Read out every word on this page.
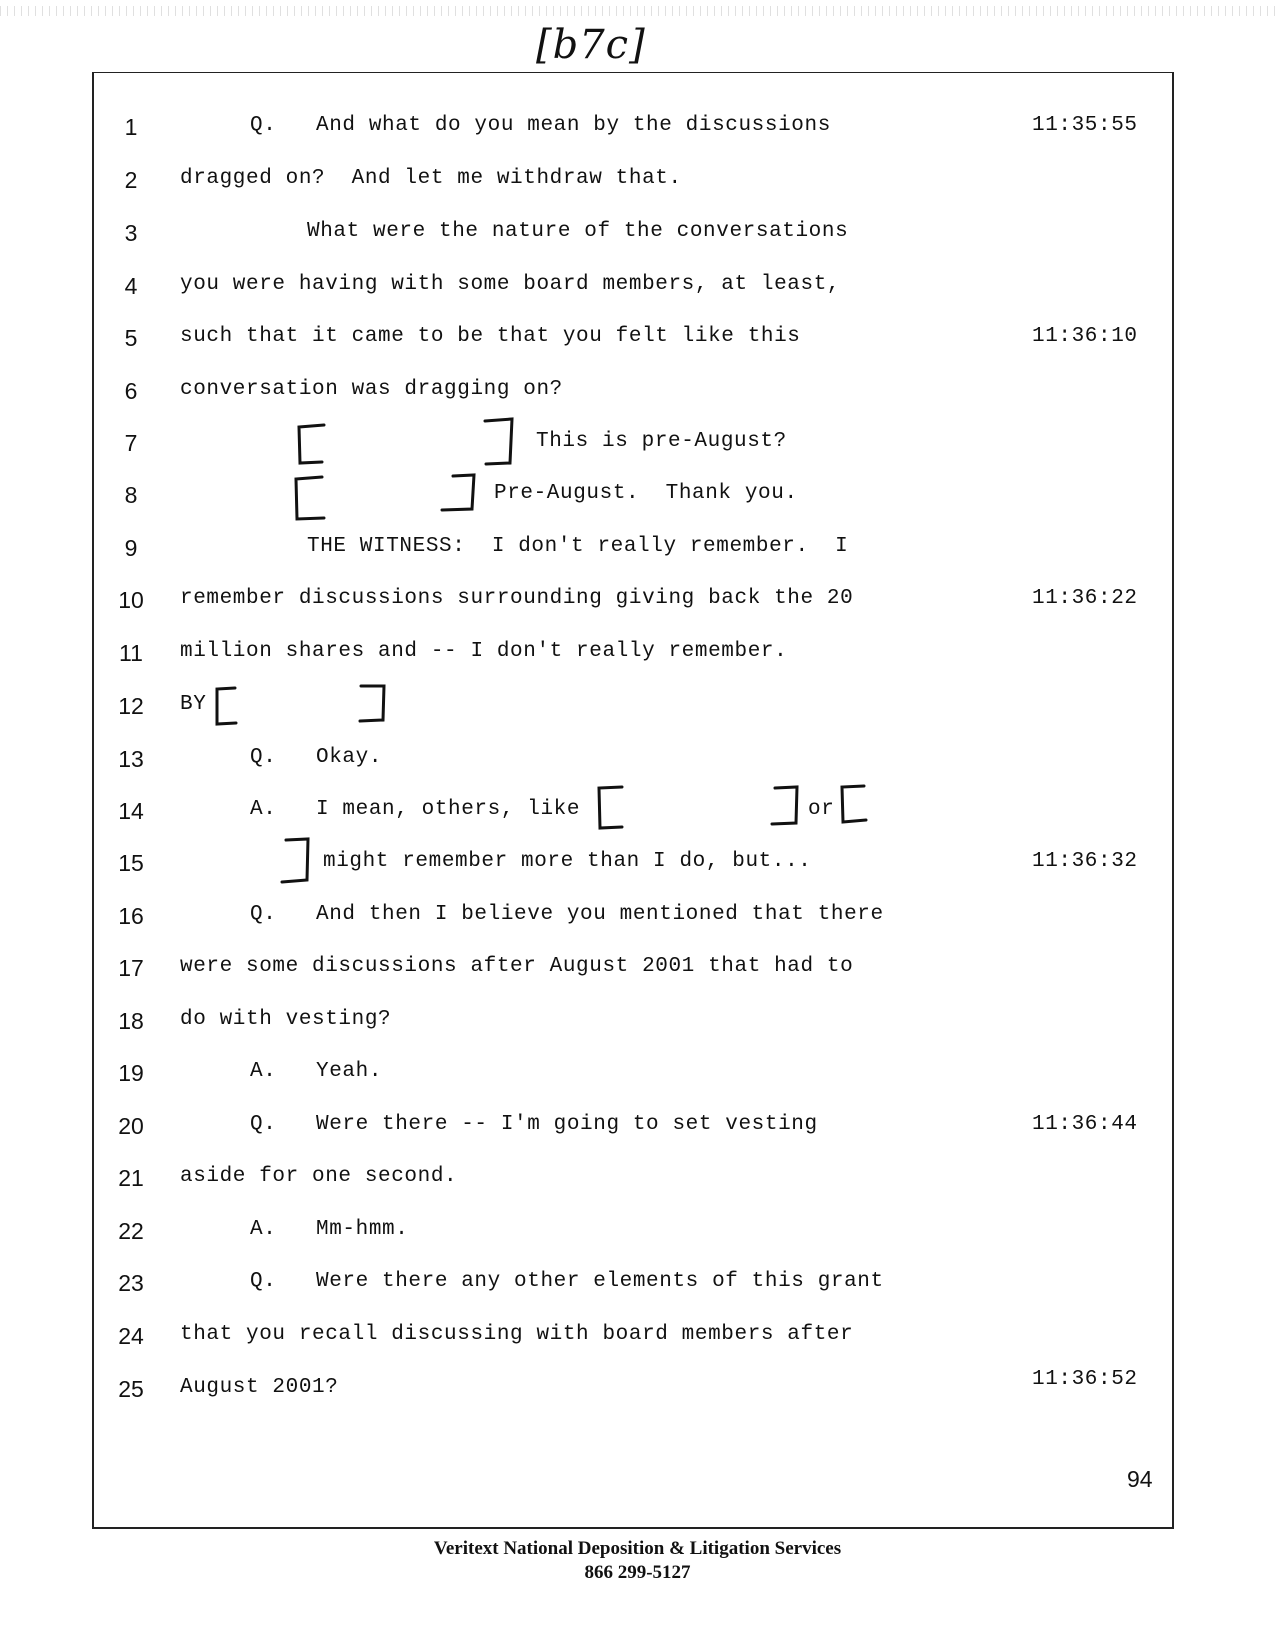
[b7c]
1	Q.   And what do you mean by the discussions	11:35:55
2	dragged on?  And let me withdraw that.
3	What were the nature of the conversations
4	you were having with some board members, at least,
5	such that it came to be that you felt like this	11:36:10
6	conversation was dragging on?
7	This is pre-August?
8	Pre-August.  Thank you.
9	THE WITNESS:  I don't really remember.  I
10	remember discussions surrounding giving back the 20	11:36:22
11	million shares and -- I don't really remember.
12	BY
13	Q.   Okay.
14	A.   I mean, others, like	or
15	might remember more than I do, but...	11:36:32
16	Q.   And then I believe you mentioned that there
17	were some discussions after August 2001 that had to
18	do with vesting?
19	A.   Yeah.
20	Q.   Were there -- I'm going to set vesting	11:36:44
21	aside for one second.
22	A.   Mm-hmm.
23	Q.   Were there any other elements of this grant
24	that you recall discussing with board members after
25	August 2001?	11:36:52
94
Veritext National Deposition & Litigation Services
866 299-5127
